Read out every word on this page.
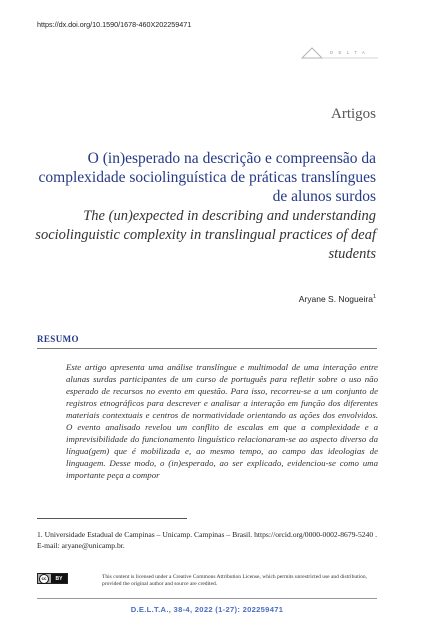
https://dx.doi.org/10.1590/1678-460X202259471
D E L T A
Artigos
O (in)esperado na descrição e compreensão da complexidade sociolinguística de práticas translíngues de alunos surdos
The (un)expected in describing and understanding sociolinguistic complexity in translingual practices of deaf students
Aryane S. Nogueira$^1$
RESUMO

Este artigo apresenta uma análise translíngue e multimodal de uma interação entre alunas surdas participantes de um curso de português para refletir sobre o uso não esperado de recursos no evento em questão. Para isso, recorreu-se a um conjunto de registros etnográficos para descrever e analisar a interação em função dos diferentes materiais contextuais e centros de normatividade orientando as ações dos envolvidos. O evento analisado revelou um conflito de escalas em que a complexidade e a imprevisibilidade do funcionamento linguístico relacionaram-se ao aspecto diverso da língua(gem) que é mobilizada e, ao mesmo tempo, ao campo das ideologias de linguagem. Desse modo, o (in)esperado, ao ser explicado, evidenciou-se como uma importante peça a compor

1. Universidade Estadual de Campinas – Unicamp. Campinas – Brasil. https://orcid.org/0000-0002-8679-5240 . E-mail: aryane@unicamp.br.

cc	BY	This content is licensed under a Creative Commons Attribution License, which permits unrestricted use and distribution, provided the original author and source are credited.

D.E.L.T.A., 38-4, 2022 (1-27): 202259471
